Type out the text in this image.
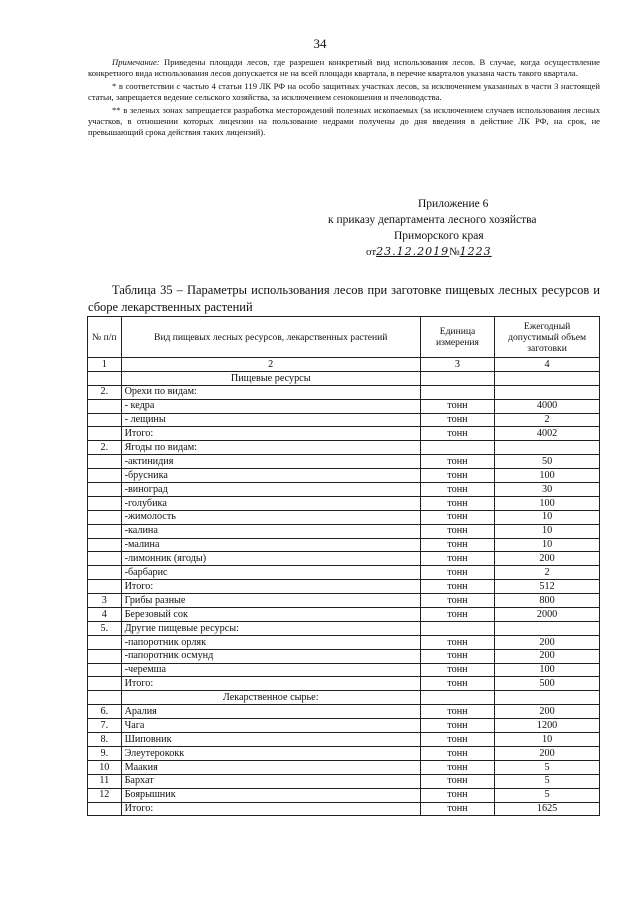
34

Примечание: Приведены площади лесов, где разрешен конкретный вид использования лесов. В случае, когда осуществление конкретного вида использования лесов допускается не на всей площади квартала, в перечне кварталов указана часть такого квартала.

* в соответствии с частью 4 статьи 119 ЛК РФ на особо защитных участках лесов, за исключением указанных в части 3 настоящей статьи, запрещается ведение сельского хозяйства, за исключением сенокошения и пчеловодства.

** в зеленых зонах запрещается разработка месторождений полезных ископаемых (за исключением случаев использования лесных участков, в отношении которых лицензии на пользование недрами получены до дня введения в действие ЛК РФ, на срок, не превышающий срока действия таких лицензий).

Приложение 6
к приказу департамента лесного хозяйства
Приморского края
от23.12.2019№1223
Таблица 35 – Параметры использования лесов при заготовке пищевых лесных ресурсов и сборе лекарственных растений
№ п/п	Вид пищевых лесных ресурсов, лекарственных растений	Единица измерения	Ежегодный допустимый объем заготовки
1	2	3	4
	Пищевые ресурсы		
2.	Орехи по видам:		
	- кедра	тонн	4000
	- лещины	тонн	2
	Итого:	тонн	4002
2.	Ягоды по видам:		
	-актинидия	тонн	50
	-брусника	тонн	100
	-виноград	тонн	30
	-голубика	тонн	100
	-жимолость	тонн	10
	-калина	тонн	10
	-малина	тонн	10
	-лимонник (ягоды)	тонн	200
	-барбарис	тонн	2
	Итого:	тонн	512
3	Грибы разные	тонн	800
4	Березовый сок	тонн	2000
5.	Другие пищевые ресурсы:		
	-папоротник орляк	тонн	200
	-папоротник осмунд	тонн	200
	-черемша	тонн	100
	Итого:	тонн	500
	Лекарственное сырье:		
6.	Аралия	тонн	200
7.	Чага	тонн	1200
8.	Шиповник	тонн	10
9.	Элеутерококк	тонн	200
10	Маакия	тонн	5
11	Бархат	тонн	5
12	Боярышник	тонн	5
	Итого:	тонн	1625
